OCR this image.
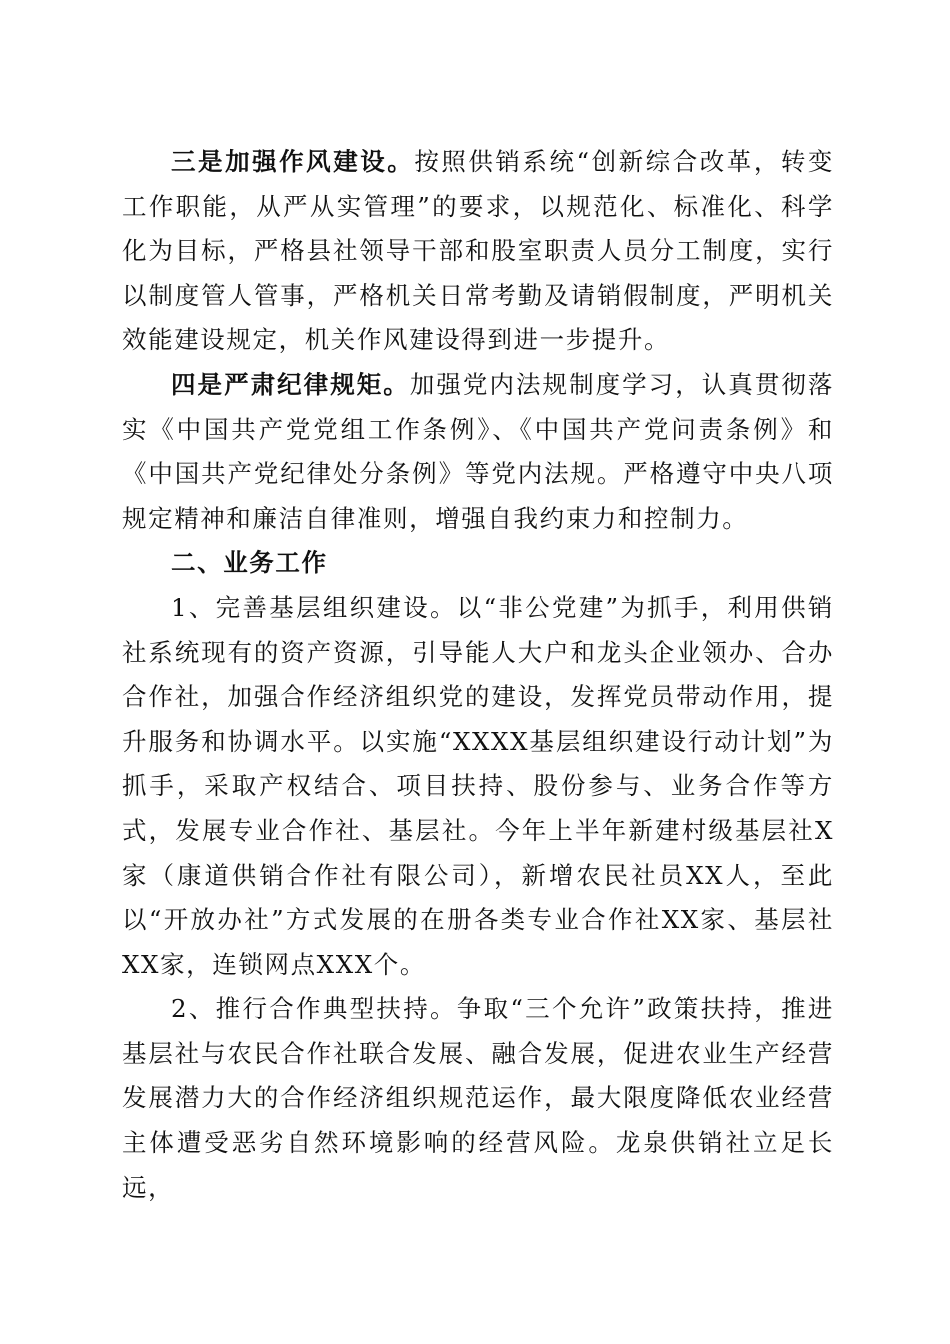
三是加强作风建设。按照供销系统“创新综合改革，转变工作职能，从严从实管理”的要求，以规范化、标准化、科学化为目标，严格县社领导干部和股室职责人员分工制度，实行以制度管人管事，严格机关日常考勤及请销假制度，严明机关效能建设规定，机关作风建设得到进一步提升。

四是严肃纪律规矩。加强党内法规制度学习，认真贯彻落实《中国共产党党组工作条例》、《中国共产党问责条例》和《中国共产党纪律处分条例》等党内法规。严格遵守中央八项规定精神和廉洁自律准则，增强自我约束力和控制力。

二、业务工作

1、完善基层组织建设。以“非公党建”为抓手，利用供销社系统现有的资产资源，引导能人大户和龙头企业领办、合办合作社，加强合作经济组织党的建设，发挥党员带动作用，提升服务和协调水平。以实施“XXXX基层组织建设行动计划”为抓手，采取产权结合、项目扶持、股份参与、业务合作等方式，发展专业合作社、基层社。今年上半年新建村级基层社X家（康道供销合作社有限公司），新增农民社员XX人，至此以“开放办社”方式发展的在册各类专业合作社XX家、基层社XX家，连锁网点XXX个。

2、推行合作典型扶持。争取“三个允许”政策扶持，推进基层社与农民合作社联合发展、融合发展，促进农业生产经营发展潜力大的合作经济组织规范运作，最大限度降低农业经营主体遭受恶劣自然环境影响的经营风险。龙泉供销社立足长远，
